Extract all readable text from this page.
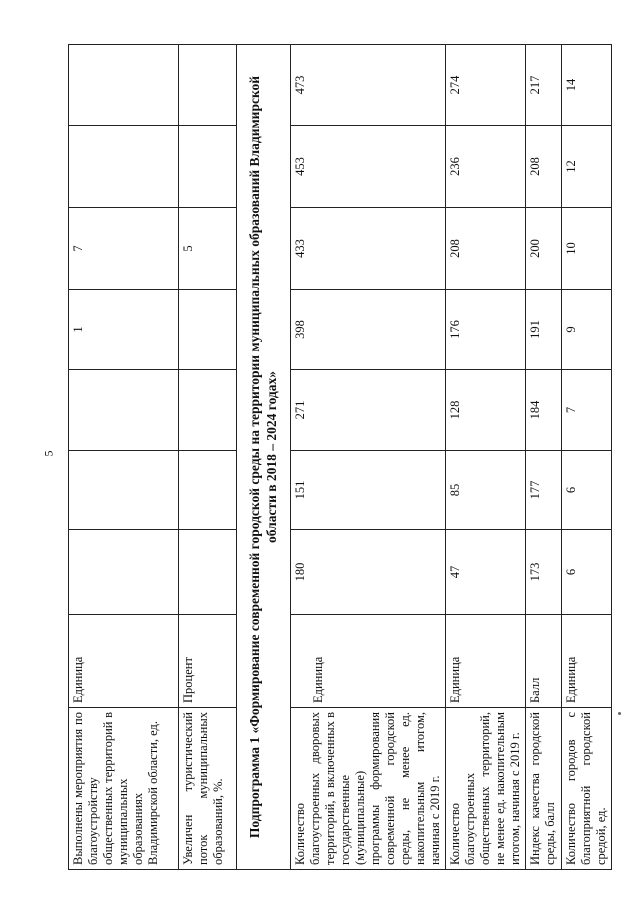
5
Выполнены мероприятия по благоустройству общественных территорий в муниципальных образованиях Владимирской области, ед.	Единица				1	7		
Увеличен туристический поток муниципальных образований, %.	Процент					5		
Подпрограмма 1 «Формирование современной городской среды на территории муниципальных образований Владимирской области в 2018 – 2024 годах»								
Количество благоустроенных дворовых территорий, в включенных в государственные (муниципальные) программы формирования современной городской среды, не менее ед. накопительным итогом, начиная с 2019 г.	Единица	180	151	271	398	433	453	473
Количество благоустроенных общественных территорий, не менее ед. накопительным итогом, начиная с 2019 г.	Единица	47	85	128	176	208	236	274
Индекс качества городской среды, балл	Балл	173	177	184	191	200	208	217
Количество городов с благоприятной городской средой, ед.	Единица	6	6	7	9	10	12	14
